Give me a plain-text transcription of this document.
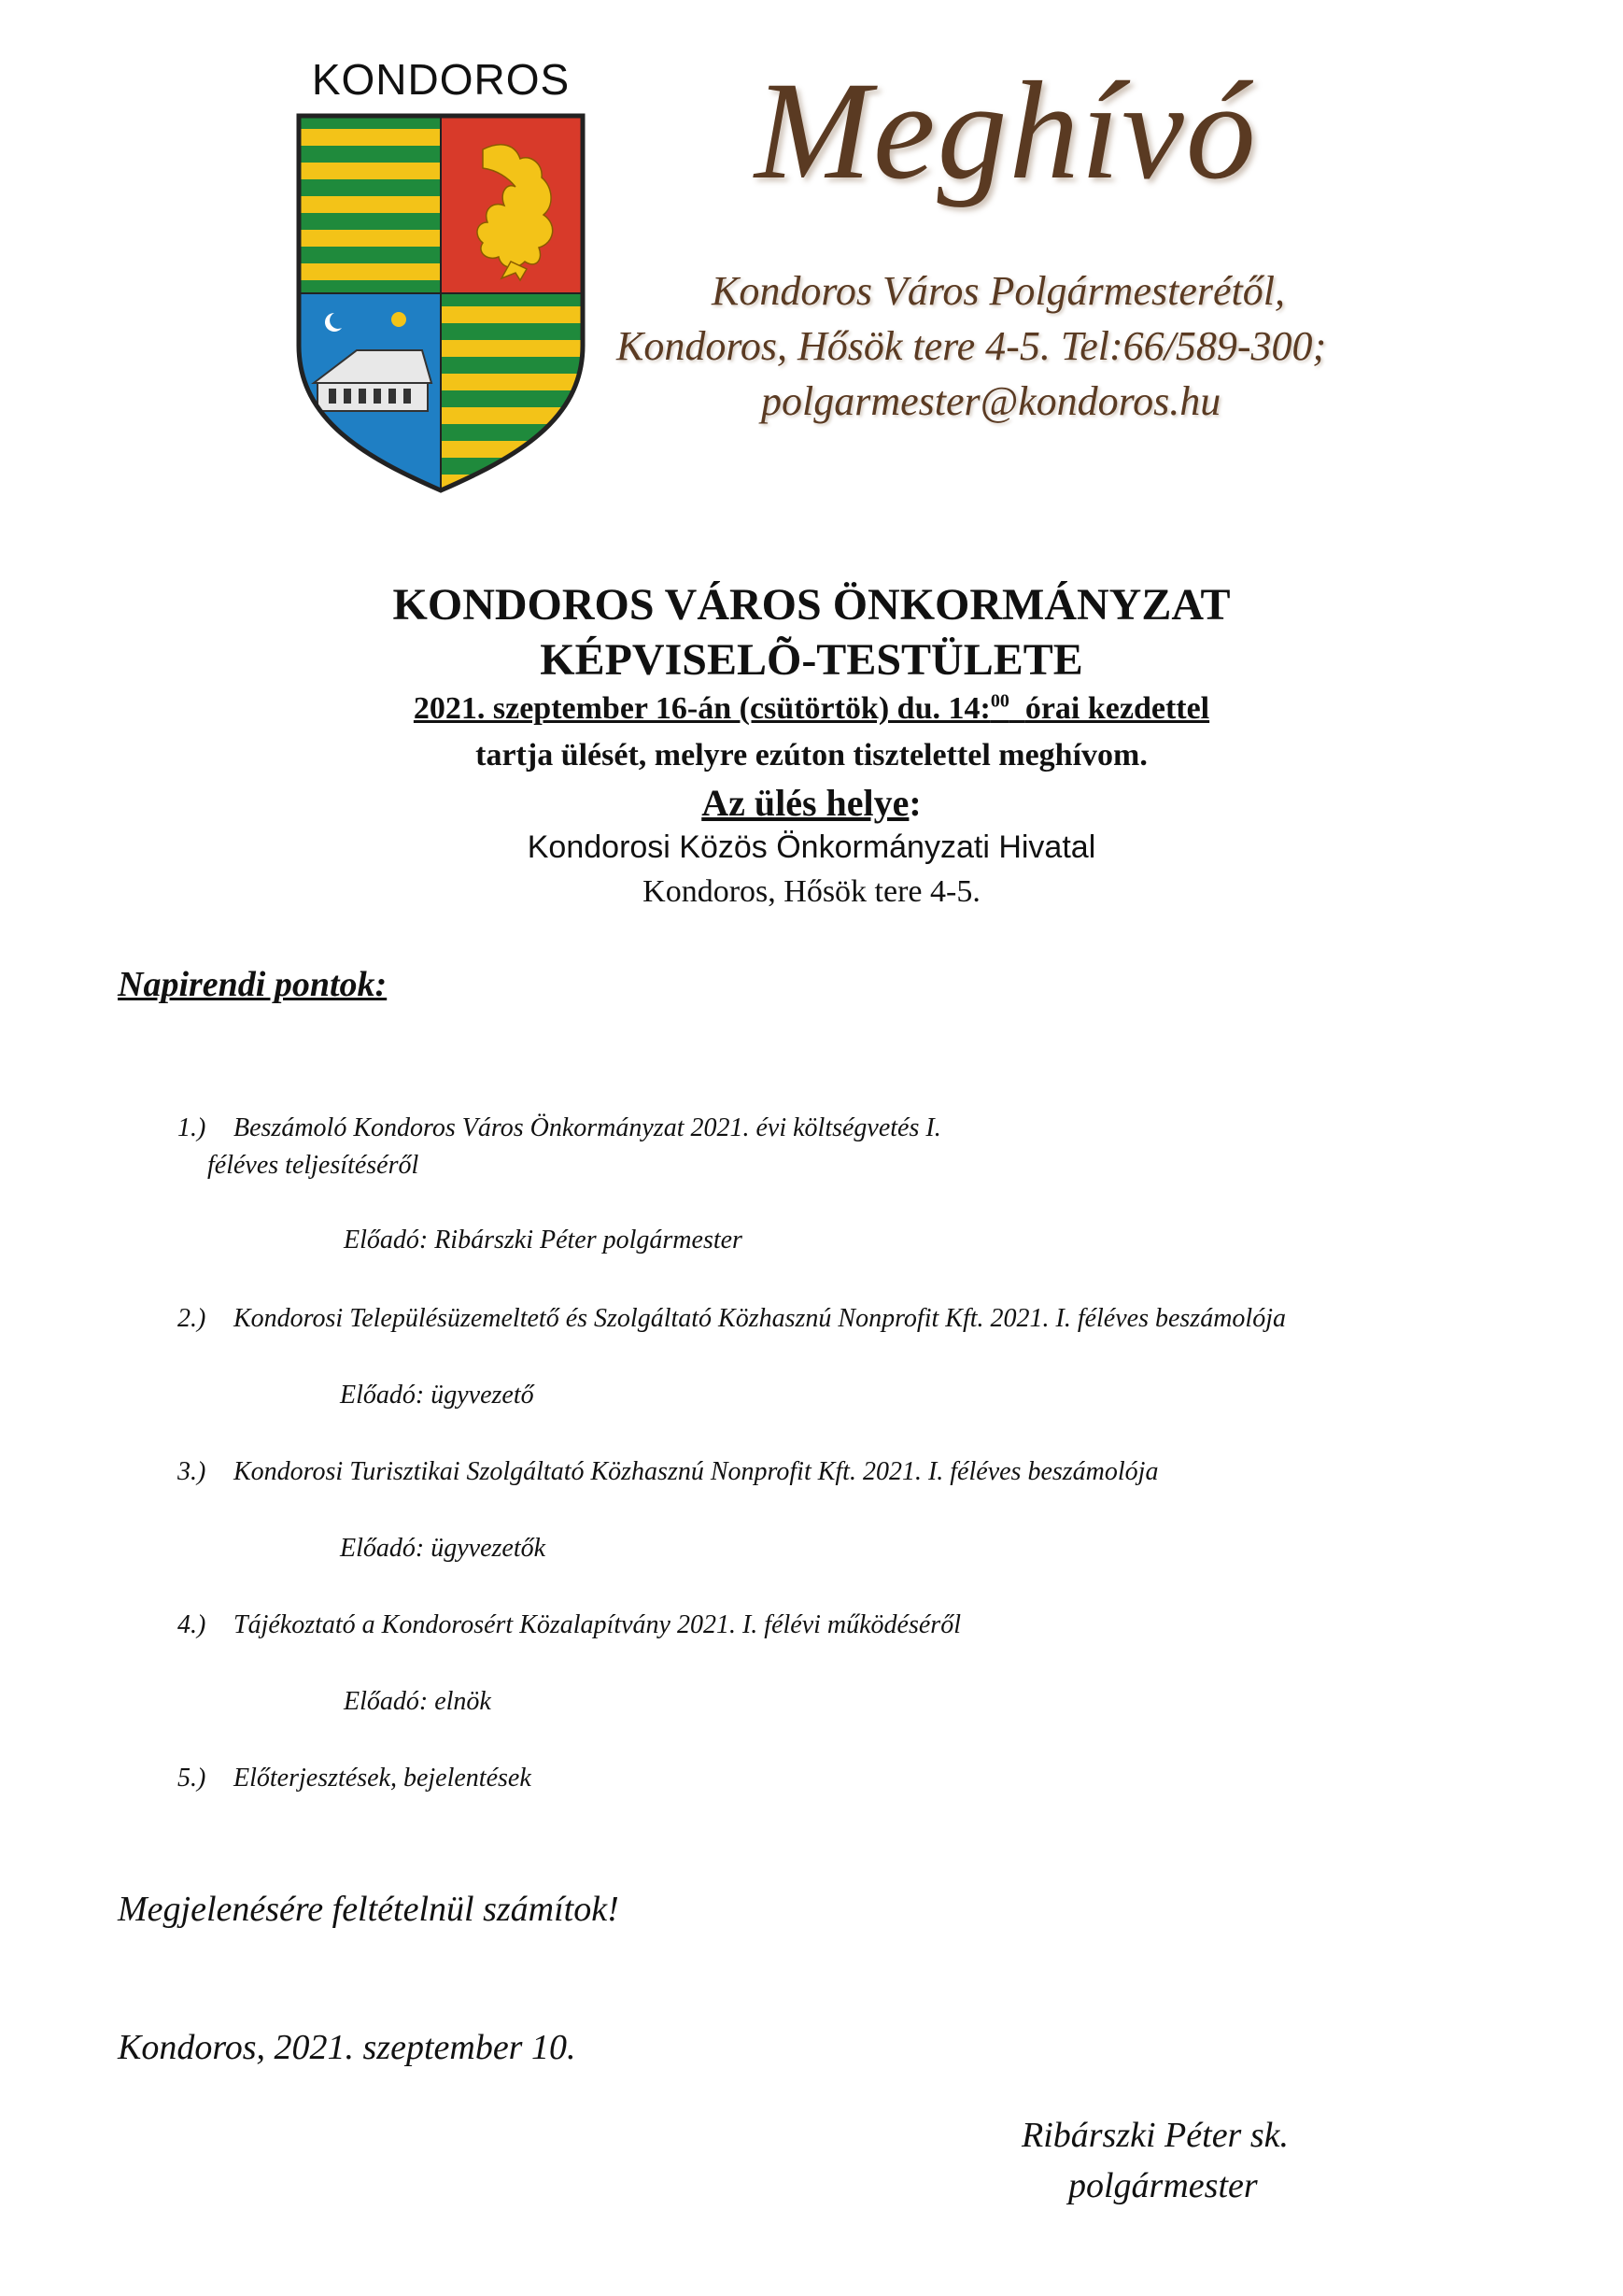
KONDOROS Meghívó
Kondoros Város Polgármesterétől,
Kondoros, Hősök tere 4-5. Tel:66/589-300;
polgarmester@kondoros.hu
KONDOROS VÁROS ÖNKORMÁNYZAT
KÉPVISELÕ-TESTÜLETE
2021. szeptember 16-án (csütörtök) du. 14:$^{00}$ órai kezdettel
tartja ülését, melyre ezúton tisztelettel meghívom.
Az ülés helye:
Kondorosi Közös Önkormányzati Hivatal
Kondoros, Hősök tere 4-5.
Napirendi pontok:
1.) Beszámoló Kondoros Város Önkormányzat 2021. évi költségvetés I.
féléves teljesítéséről
Előadó: Ribárszki Péter polgármester
2.) Kondorosi Településüzemeltető és Szolgáltató Közhasznú Nonprofit Kft. 2021. I. féléves beszámolója
Előadó: ügyvezető
3.) Kondorosi Turisztikai Szolgáltató Közhasznú Nonprofit Kft. 2021. I. féléves beszámolója
Előadó: ügyvezetők
4.) Tájékoztató a Kondorosért Közalapítvány 2021. I. félévi működéséről
Előadó: elnök
5.) Előterjesztések, bejelentések
Megjelenésére feltételnül számítok!
Kondoros, 2021. szeptember 10.
Ribárszki Péter sk.
polgármester
